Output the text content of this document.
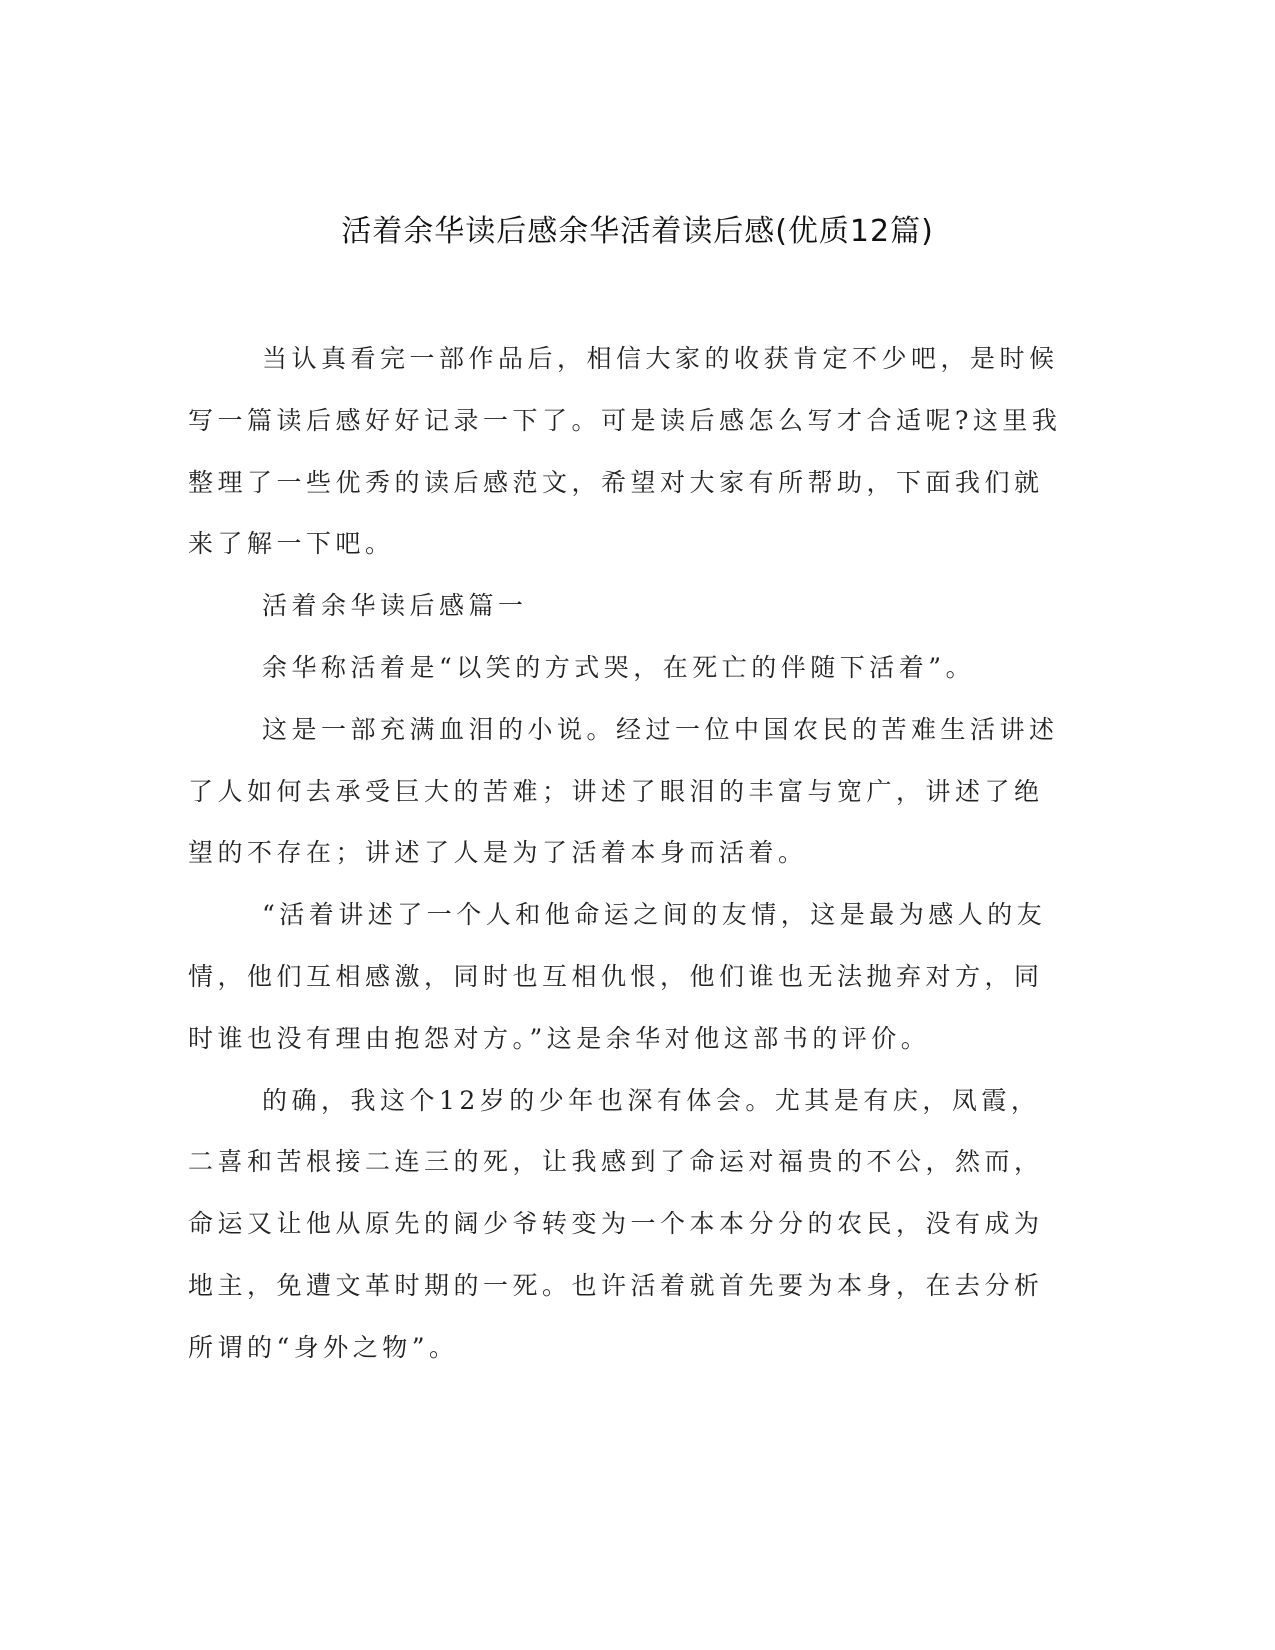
活着余华读后感余华活着读后感(优质12篇)

当认真看完一部作品后，相信大家的收获肯定不少吧，是时候写一篇读后感好好记录一下了。可是读后感怎么写才合适呢?这里我整理了一些优秀的读后感范文，希望对大家有所帮助，下面我们就来了解一下吧。

活着余华读后感篇一

余华称活着是“以笑的方式哭，在死亡的伴随下活着”。

这是一部充满血泪的小说。经过一位中国农民的苦难生活讲述了人如何去承受巨大的苦难；讲述了眼泪的丰富与宽广，讲述了绝望的不存在；讲述了人是为了活着本身而活着。

“活着讲述了一个人和他命运之间的友情，这是最为感人的友情，他们互相感激，同时也互相仇恨，他们谁也无法抛弃对方，同时谁也没有理由抱怨对方。”这是余华对他这部书的评价。

的确，我这个12岁的少年也深有体会。尤其是有庆，凤霞，二喜和苦根接二连三的死，让我感到了命运对福贵的不公，然而，命运又让他从原先的阔少爷转变为一个本本分分的农民，没有成为地主，免遭文革时期的一死。也许活着就首先要为本身，在去分析所谓的“身外之物”。
